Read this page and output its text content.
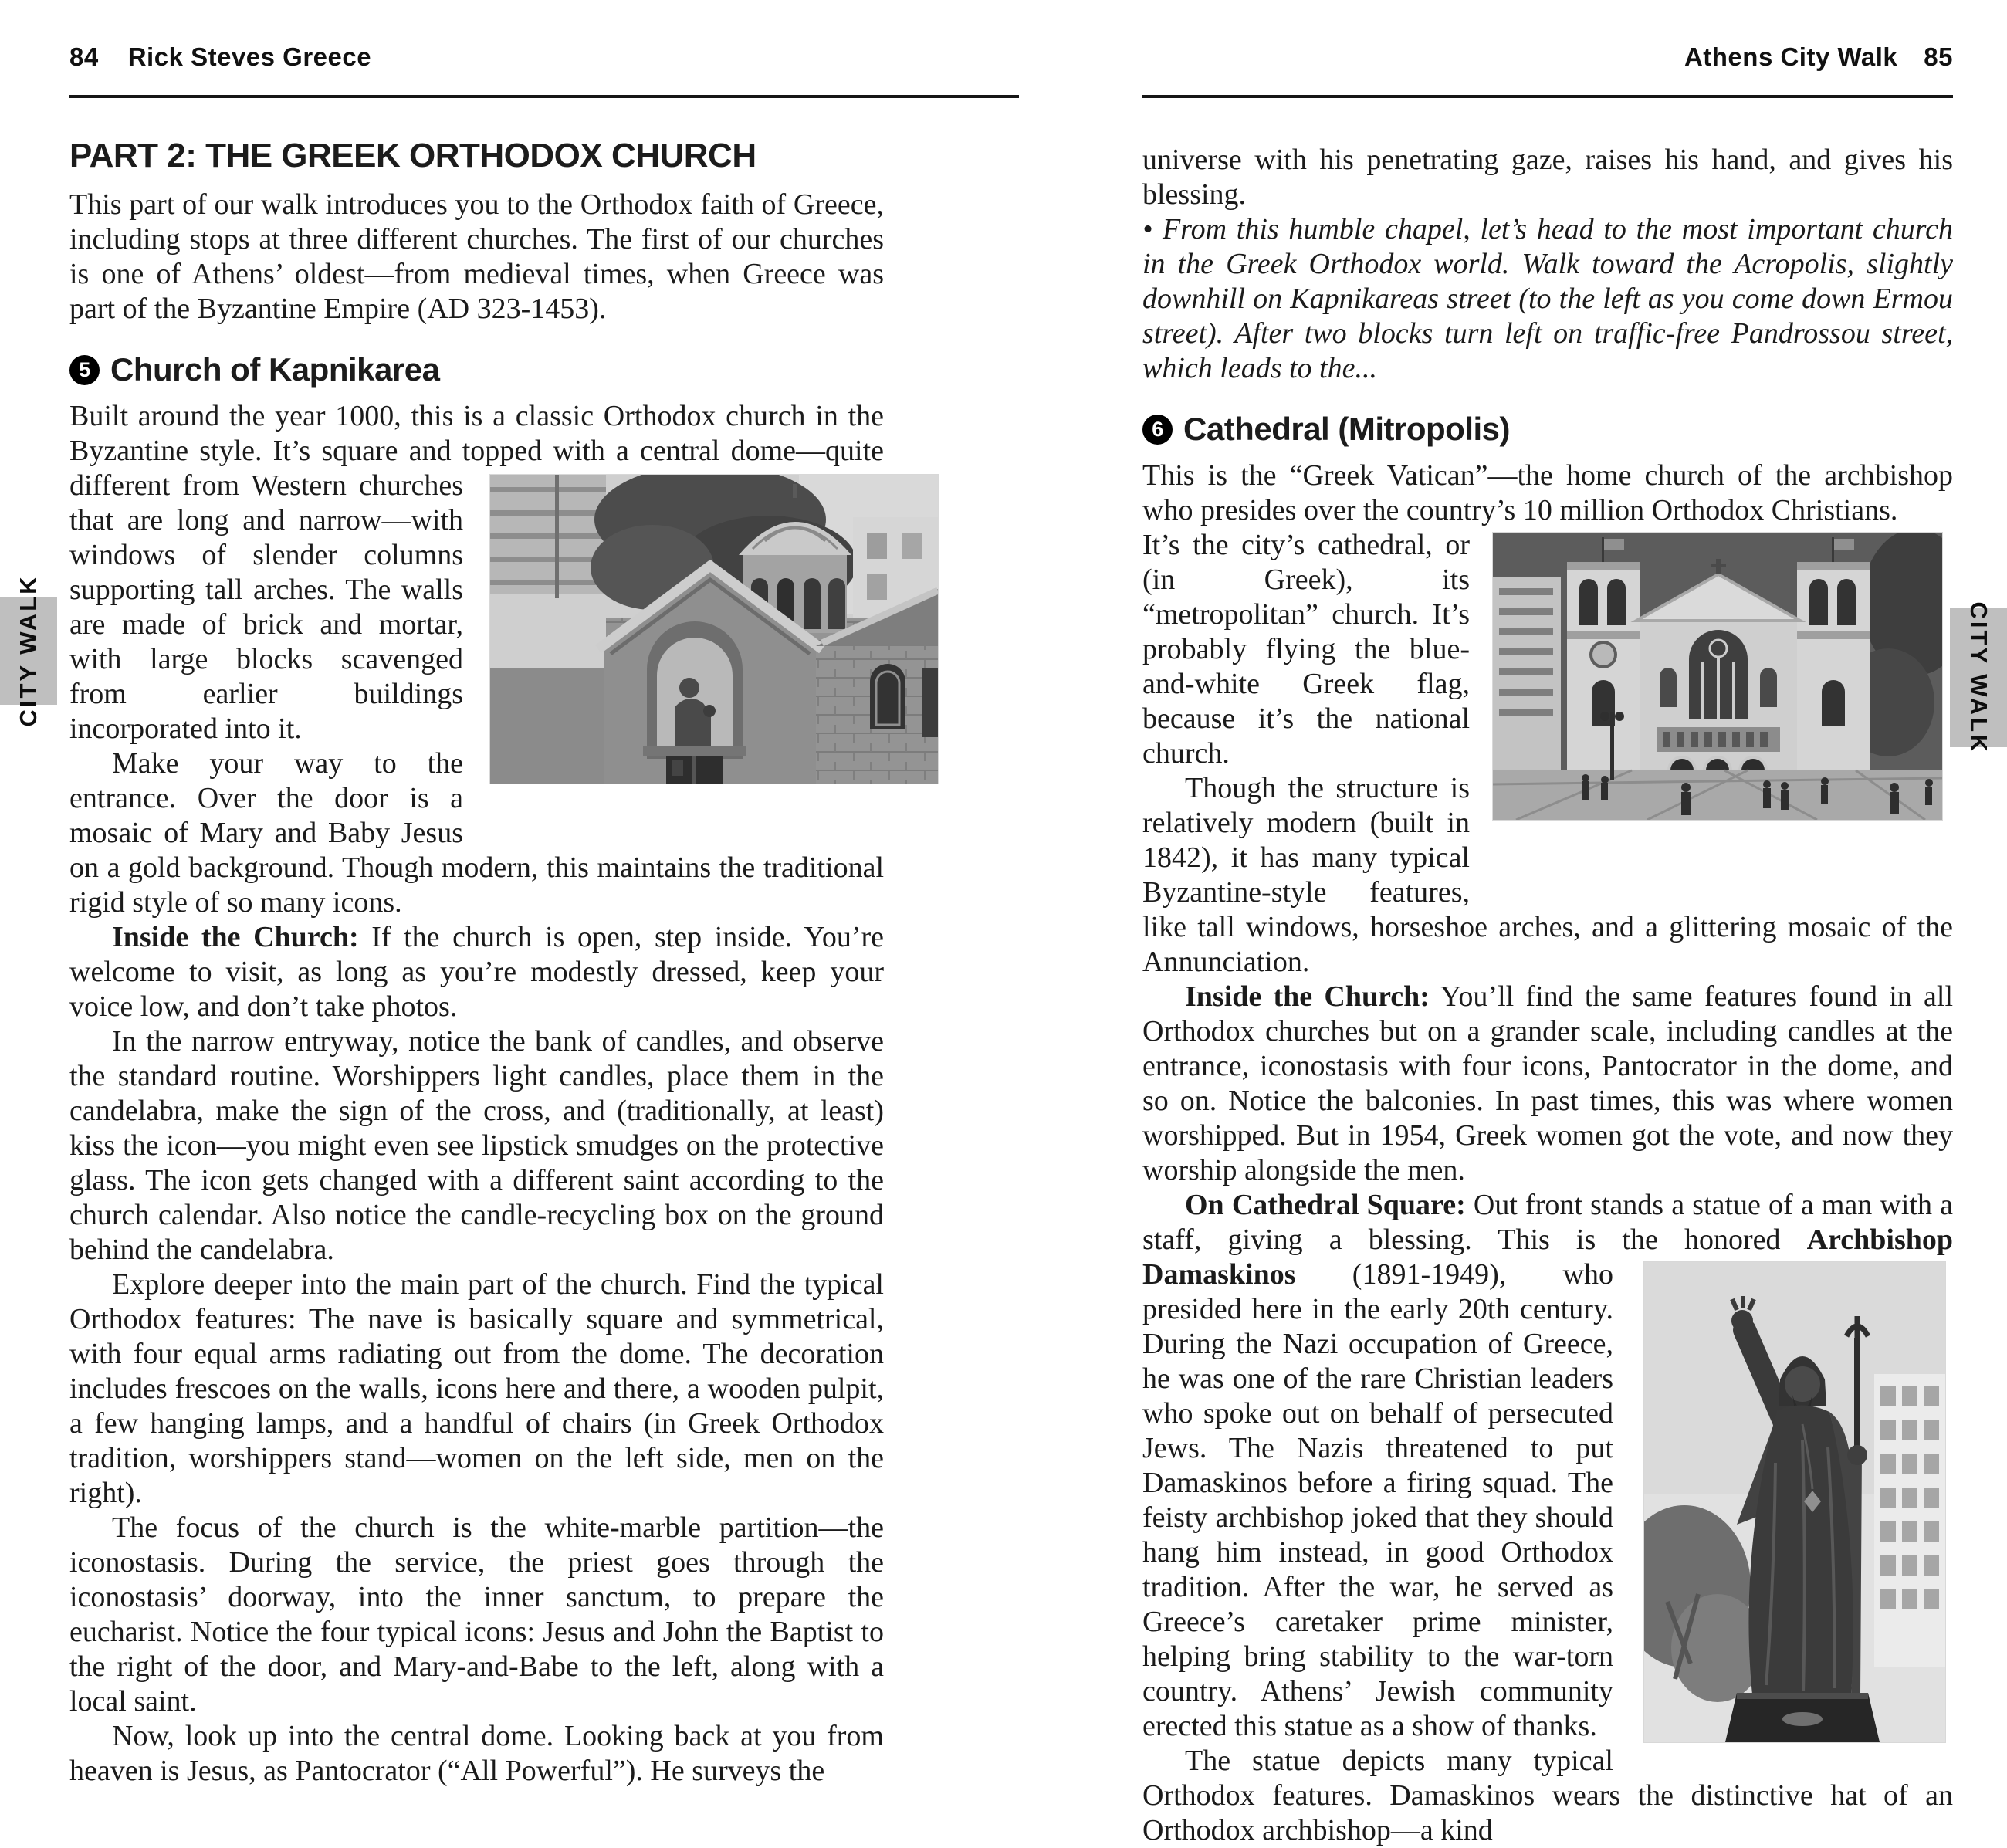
84 Rick Steves Greece
PART 2: THE GREEK ORTHODOX CHURCH

This part of our walk introduces you to the Orthodox faith of Greece, including stops at three different churches. The first of our churches is one of Athens’ oldest—from medieval times, when Greece was part of the Byzantine Empire (AD 323-1453).

5 Church of Kapnikarea

Built around the year 1000, this is a classic Orthodox church in the Byzantine style. It’s square and topped with a central dome—quite
different from Western churches that are long and narrow—with windows of slender columns supporting tall arches. The walls are made of brick and mortar, with large blocks scavenged from earlier buildings incorporated into it.

Make your way to the entrance. Over the door is a mosaic of Mary and Baby Jesus on a gold background. Though modern, this maintains the traditional rigid style of so many icons.

Inside the Church: If the church is open, step inside. You’re welcome to visit, as long as you’re modestly dressed, keep your voice low, and don’t take photos.

In the narrow entryway, notice the bank of candles, and observe the standard routine. Worshippers light candles, place them in the candelabra, make the sign of the cross, and (traditionally, at least) kiss the icon—you might even see lipstick smudges on the protective glass. The icon gets changed with a different saint according to the church calendar. Also notice the candle-recycling box on the ground behind the candelabra.

Explore deeper into the main part of the church. Find the typical Orthodox features: The nave is basically square and symmetrical, with four equal arms radiating out from the dome. The decoration includes frescoes on the walls, icons here and there, a wooden pulpit, a few hanging lamps, and a handful of chairs (in Greek Orthodox tradition, worshippers stand—women on the left side, men on the right).

The focus of the church is the white-marble partition—the iconostasis. During the service, the priest goes through the iconostasis’ doorway, into the inner sanctum, to prepare the eucharist. Notice the four typical icons: Jesus and John the Baptist to the right of the door, and Mary-and-Babe to the left, along with a local saint.

Now, look up into the central dome. Looking back at you from heaven is Jesus, as Pantocrator (“All Powerful”). He surveys the

Athens City Walk 85

universe with his penetrating gaze, raises his hand, and gives his blessing.

• From this humble chapel, let’s head to the most important church in the Greek Orthodox world. Walk toward the Acropolis, slightly downhill on Kapnikareas street (to the left as you come down Ermou street). After two blocks turn left on traffic-free Pandrossou street, which leads to the...

6 Cathedral (Mitropolis)

This is the “Greek Vatican”—the home church of the archbishop who presides over the country’s 10 million Orthodox Christians.

It’s the city’s cathedral, or (in Greek), its “metropolitan” church. It’s probably flying the blue-and-white Greek flag, because it’s the national church.

Though the structure is relatively modern (built in 1842), it has many typical Byzantine-style features, like tall windows, horseshoe arches, and a glittering mosaic of the Annunciation.

Inside the Church: You’ll find the same features found in all Orthodox churches but on a grander scale, including candles at the entrance, iconostasis with four icons, Pantocrator in the dome, and so on. Notice the balconies. In past times, this was where women worshipped. But in 1954, Greek women got the vote, and now they worship alongside the men.

On Cathedral Square: Out front stands a statue of a man with a staff, giving a blessing. This is the honored
Archbishop Damaskinos (1891-1949), who presided here in the early 20th century. During the Nazi occupation of Greece, he was one of the rare Christian leaders who spoke out on behalf of persecuted Jews. The Nazis threatened to put Damaskinos before a firing squad. The feisty archbishop joked that they should hang him instead, in good Orthodox tradition. After the war, he served as Greece’s caretaker prime minister, helping bring stability to the war-torn country. Athens’ Jewish community erected this statue as a show of thanks.

The statue depicts many typical Orthodox features. Damaskinos wears the distinctive hat of an Orthodox archbishop—a kind

CITY WALK	CITY WALK
